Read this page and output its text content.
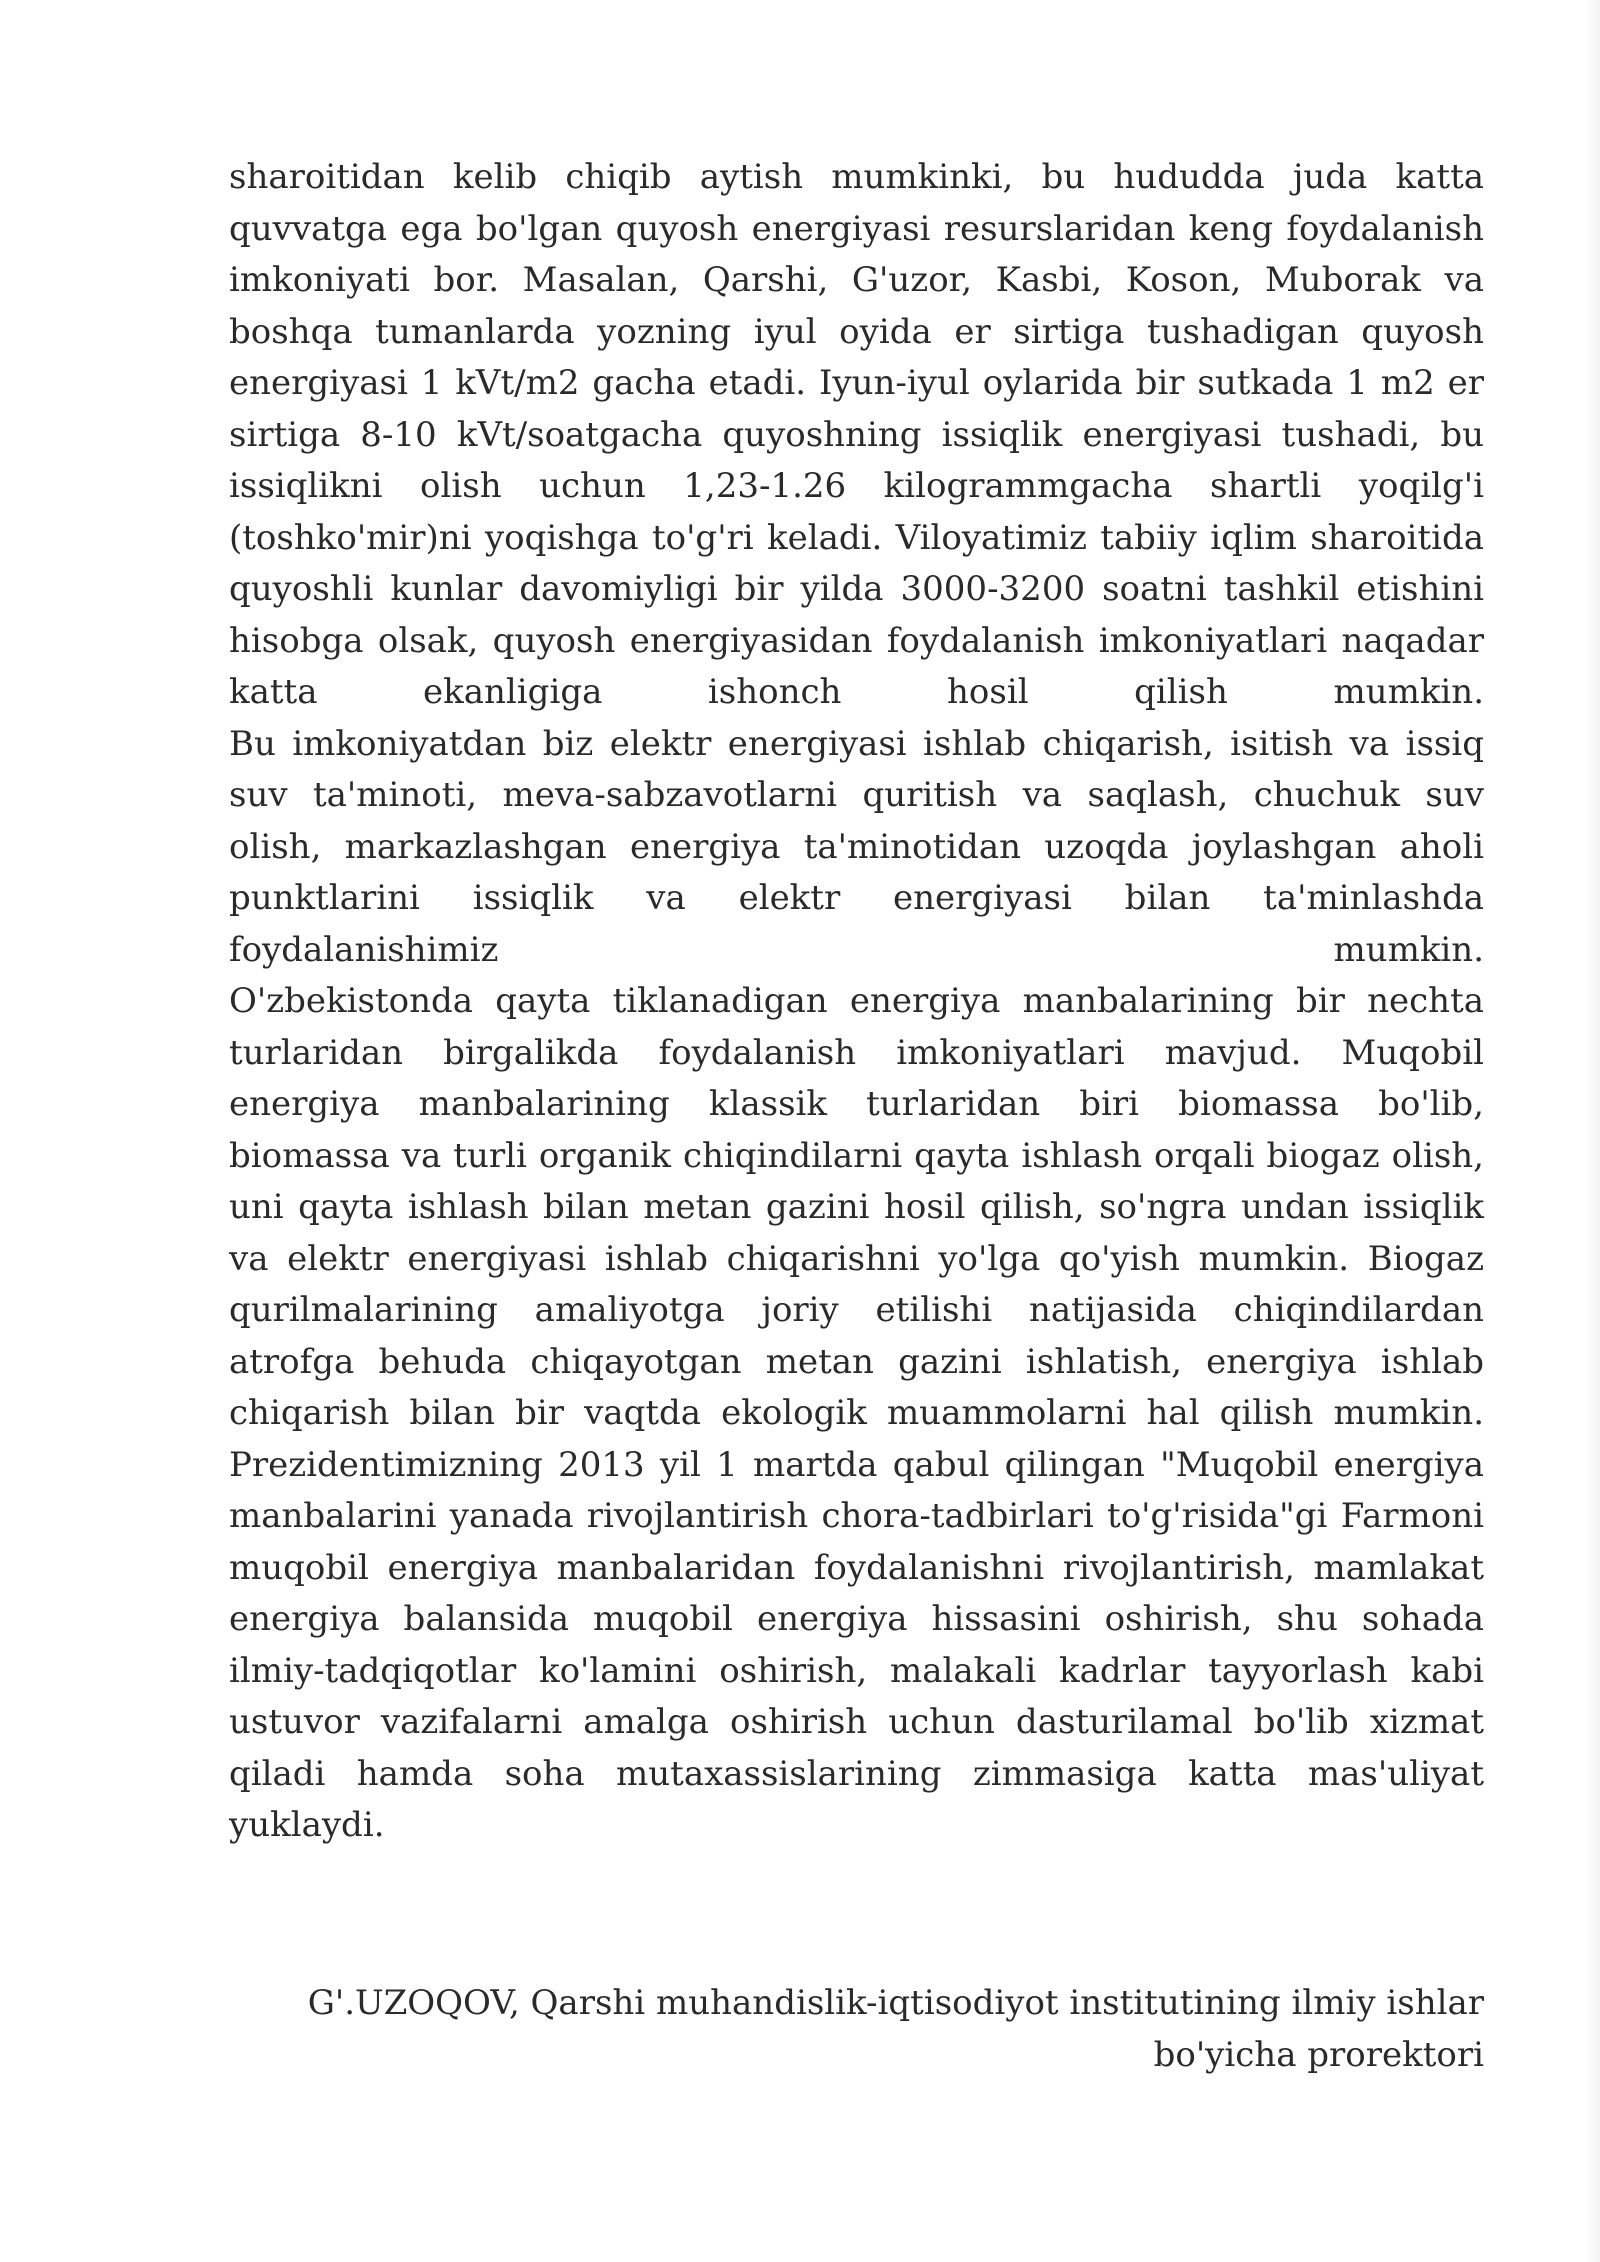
sharoitidan kelib chiqib aytish mumkinki, bu hududda juda katta quvvatga ega bo'lgan quyosh energiyasi resurslaridan keng foydalanish imkoniyati bor. Masalan, Qarshi, G'uzor, Kasbi, Koson, Muborak va boshqa tumanlarda yozning iyul oyida er sirtiga tushadigan quyosh energiyasi 1 kVt/m2 gacha etadi. Iyun-iyul oylarida bir sutkada 1 m2 er sirtiga 8-10 kVt/soatgacha quyoshning issiqlik energiyasi tushadi, bu issiqlikni olish uchun 1,23-1.26 kilogrammgacha shartli yoqilg'i (toshko'mir)ni yoqishga to'g'ri keladi. Viloyatimiz tabiiy iqlim sharoitida quyoshli kunlar davomiyligi bir yilda 3000-3200 soatni tashkil etishini hisobga olsak, quyosh energiyasidan foydalanish imkoniyatlari naqadar katta ekanligiga ishonch hosil qilish mumkin.

Bu imkoniyatdan biz elektr energiyasi ishlab chiqarish, isitish va issiq suv ta'minoti, meva-sabzavotlarni quritish va saqlash, chuchuk suv olish, markazlashgan energiya ta'minotidan uzoqda joylashgan aholi punktlarini issiqlik va elektr energiyasi bilan ta'minlashda foydalanishimiz mumkin.

O'zbekistonda qayta tiklanadigan energiya manbalarining bir nechta turlaridan birgalikda foydalanish imkoniyatlari mavjud. Muqobil energiya manbalarining klassik turlaridan biri biomassa bo'lib, biomassa va turli organik chiqindilarni qayta ishlash orqali biogaz olish, uni qayta ishlash bilan metan gazini hosil qilish, so'ngra undan issiqlik va elektr energiyasi ishlab chiqarishni yo'lga qo'yish mumkin. Biogaz qurilmalarining amaliyotga joriy etilishi natijasida chiqindilardan atrofga behuda chiqayotgan metan gazini ishlatish, energiya ishlab chiqarish bilan bir vaqtda ekologik muammolarni hal qilish mumkin.

Prezidentimizning 2013 yil 1 martda qabul qilingan "Muqobil energiya manbalarini yanada rivojlantirish chora-tadbirlari to'g'risida"gi Farmoni muqobil energiya manbalaridan foydalanishni rivojlantirish, mamlakat energiya balansida muqobil energiya hissasini oshirish, shu sohada ilmiy-tadqiqotlar ko'lamini oshirish, malakali kadrlar tayyorlash kabi ustuvor vazifalarni amalga oshirish uchun dasturilamal bo'lib xizmat qiladi hamda soha mutaxassislarining zimmasiga katta mas'uliyat yuklaydi.

G'.UZOQOV, Qarshi muhandislik-iqtisodiyot institutining ilmiy ishlar

bo'yicha prorektori
